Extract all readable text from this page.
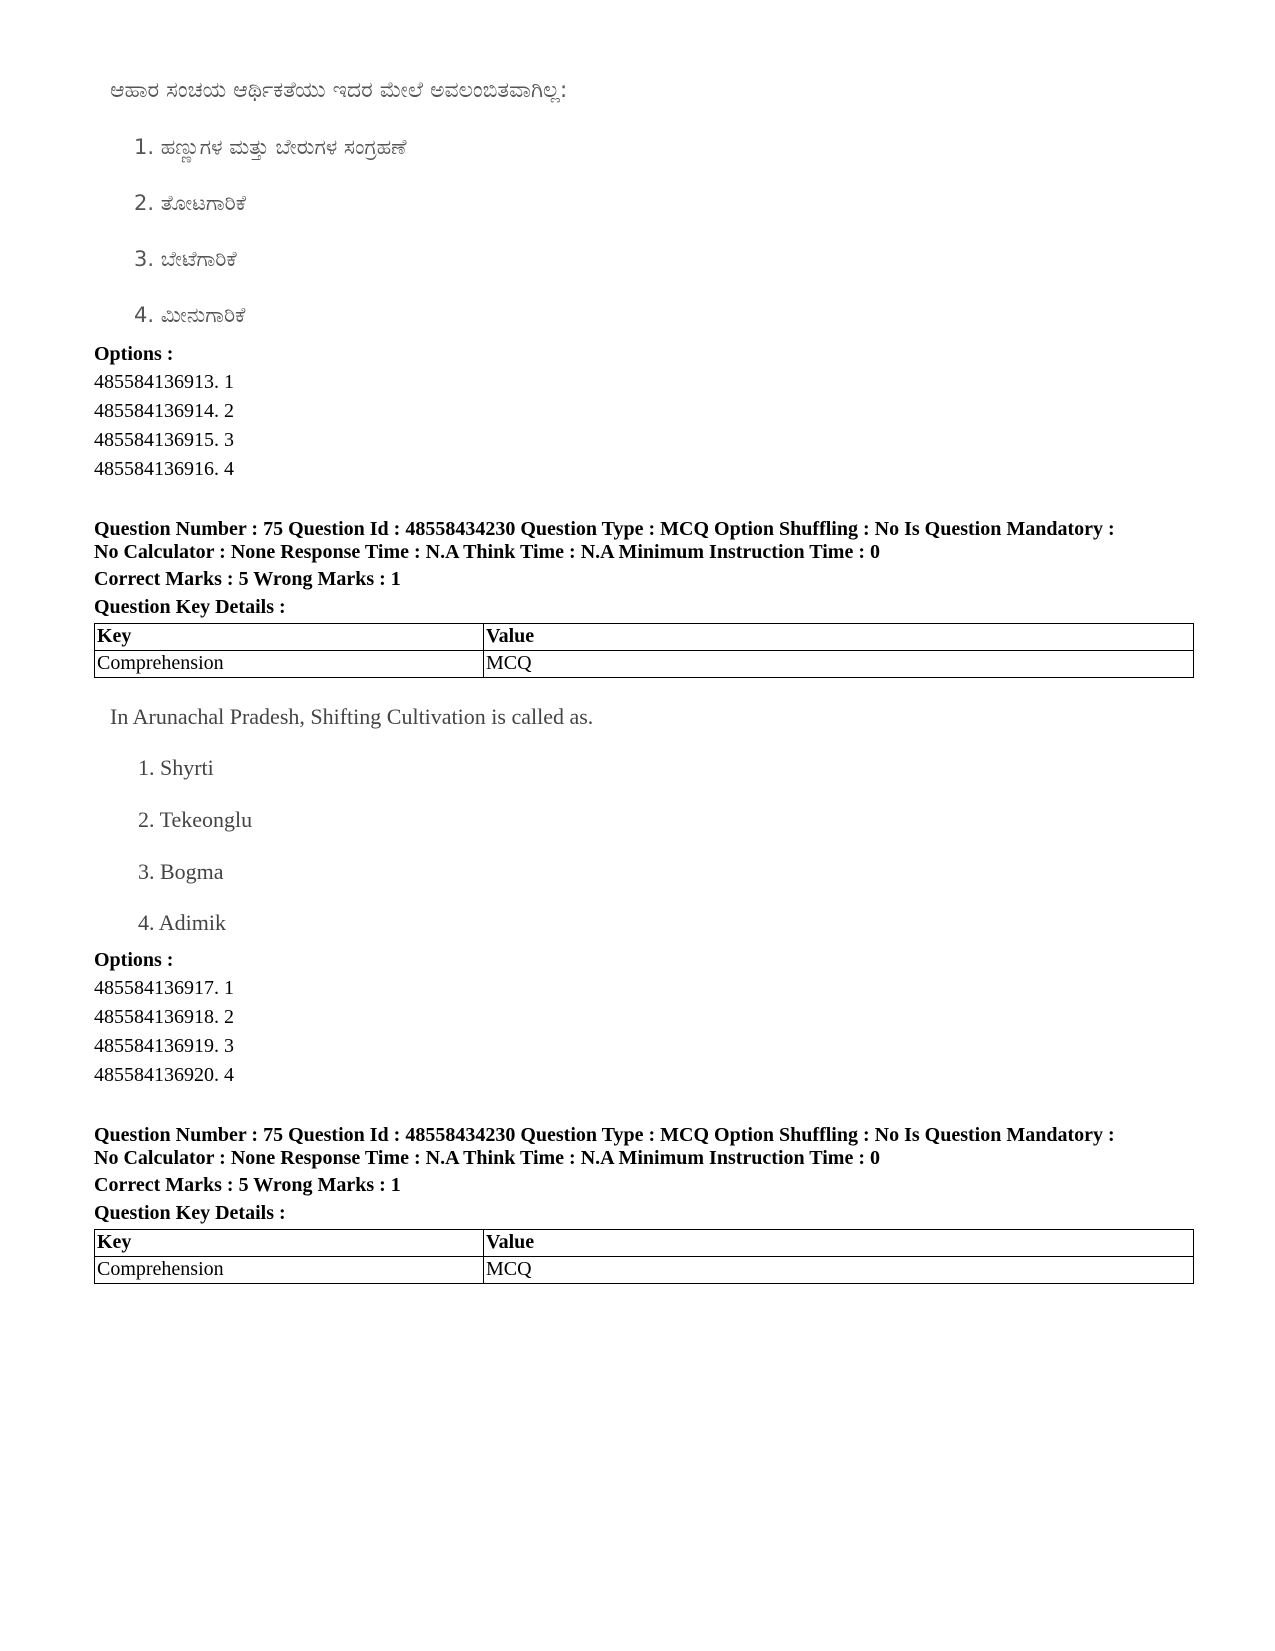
ಆಹಾರ ಸಂಚಯ ಆರ್ಥಿಕತೆಯು ಇದರ ಮೇಲೆ ಅವಲಂಬಿತವಾಗಿಲ್ಲ:
1. ಹಣ್ಣುಗಳ ಮತ್ತು ಬೇರುಗಳ ಸಂಗ್ರಹಣೆ
2. ತೋಟಗಾರಿಕೆ
3. ಬೇಟೆಗಾರಿಕೆ
4. ಮೀನುಗಾರಿಕೆ
Options :
485584136913. 1
485584136914. 2
485584136915. 3
485584136916. 4
Question Number : 75 Question Id : 48558434230 Question Type : MCQ Option Shuffling : No Is Question Mandatory :
No Calculator : None Response Time : N.A Think Time : N.A Minimum Instruction Time : 0
Correct Marks : 5 Wrong Marks : 1
Question Key Details :
Key	Value
Comprehension	MCQ
In Arunachal Pradesh, Shifting Cultivation is called as.
1. Shyrti
2. Tekeonglu
3. Bogma
4. Adimik
Options :
485584136917. 1
485584136918. 2
485584136919. 3
485584136920. 4
Question Number : 75 Question Id : 48558434230 Question Type : MCQ Option Shuffling : No Is Question Mandatory :
No Calculator : None Response Time : N.A Think Time : N.A Minimum Instruction Time : 0
Correct Marks : 5 Wrong Marks : 1
Question Key Details :
Key	Value
Comprehension	MCQ
